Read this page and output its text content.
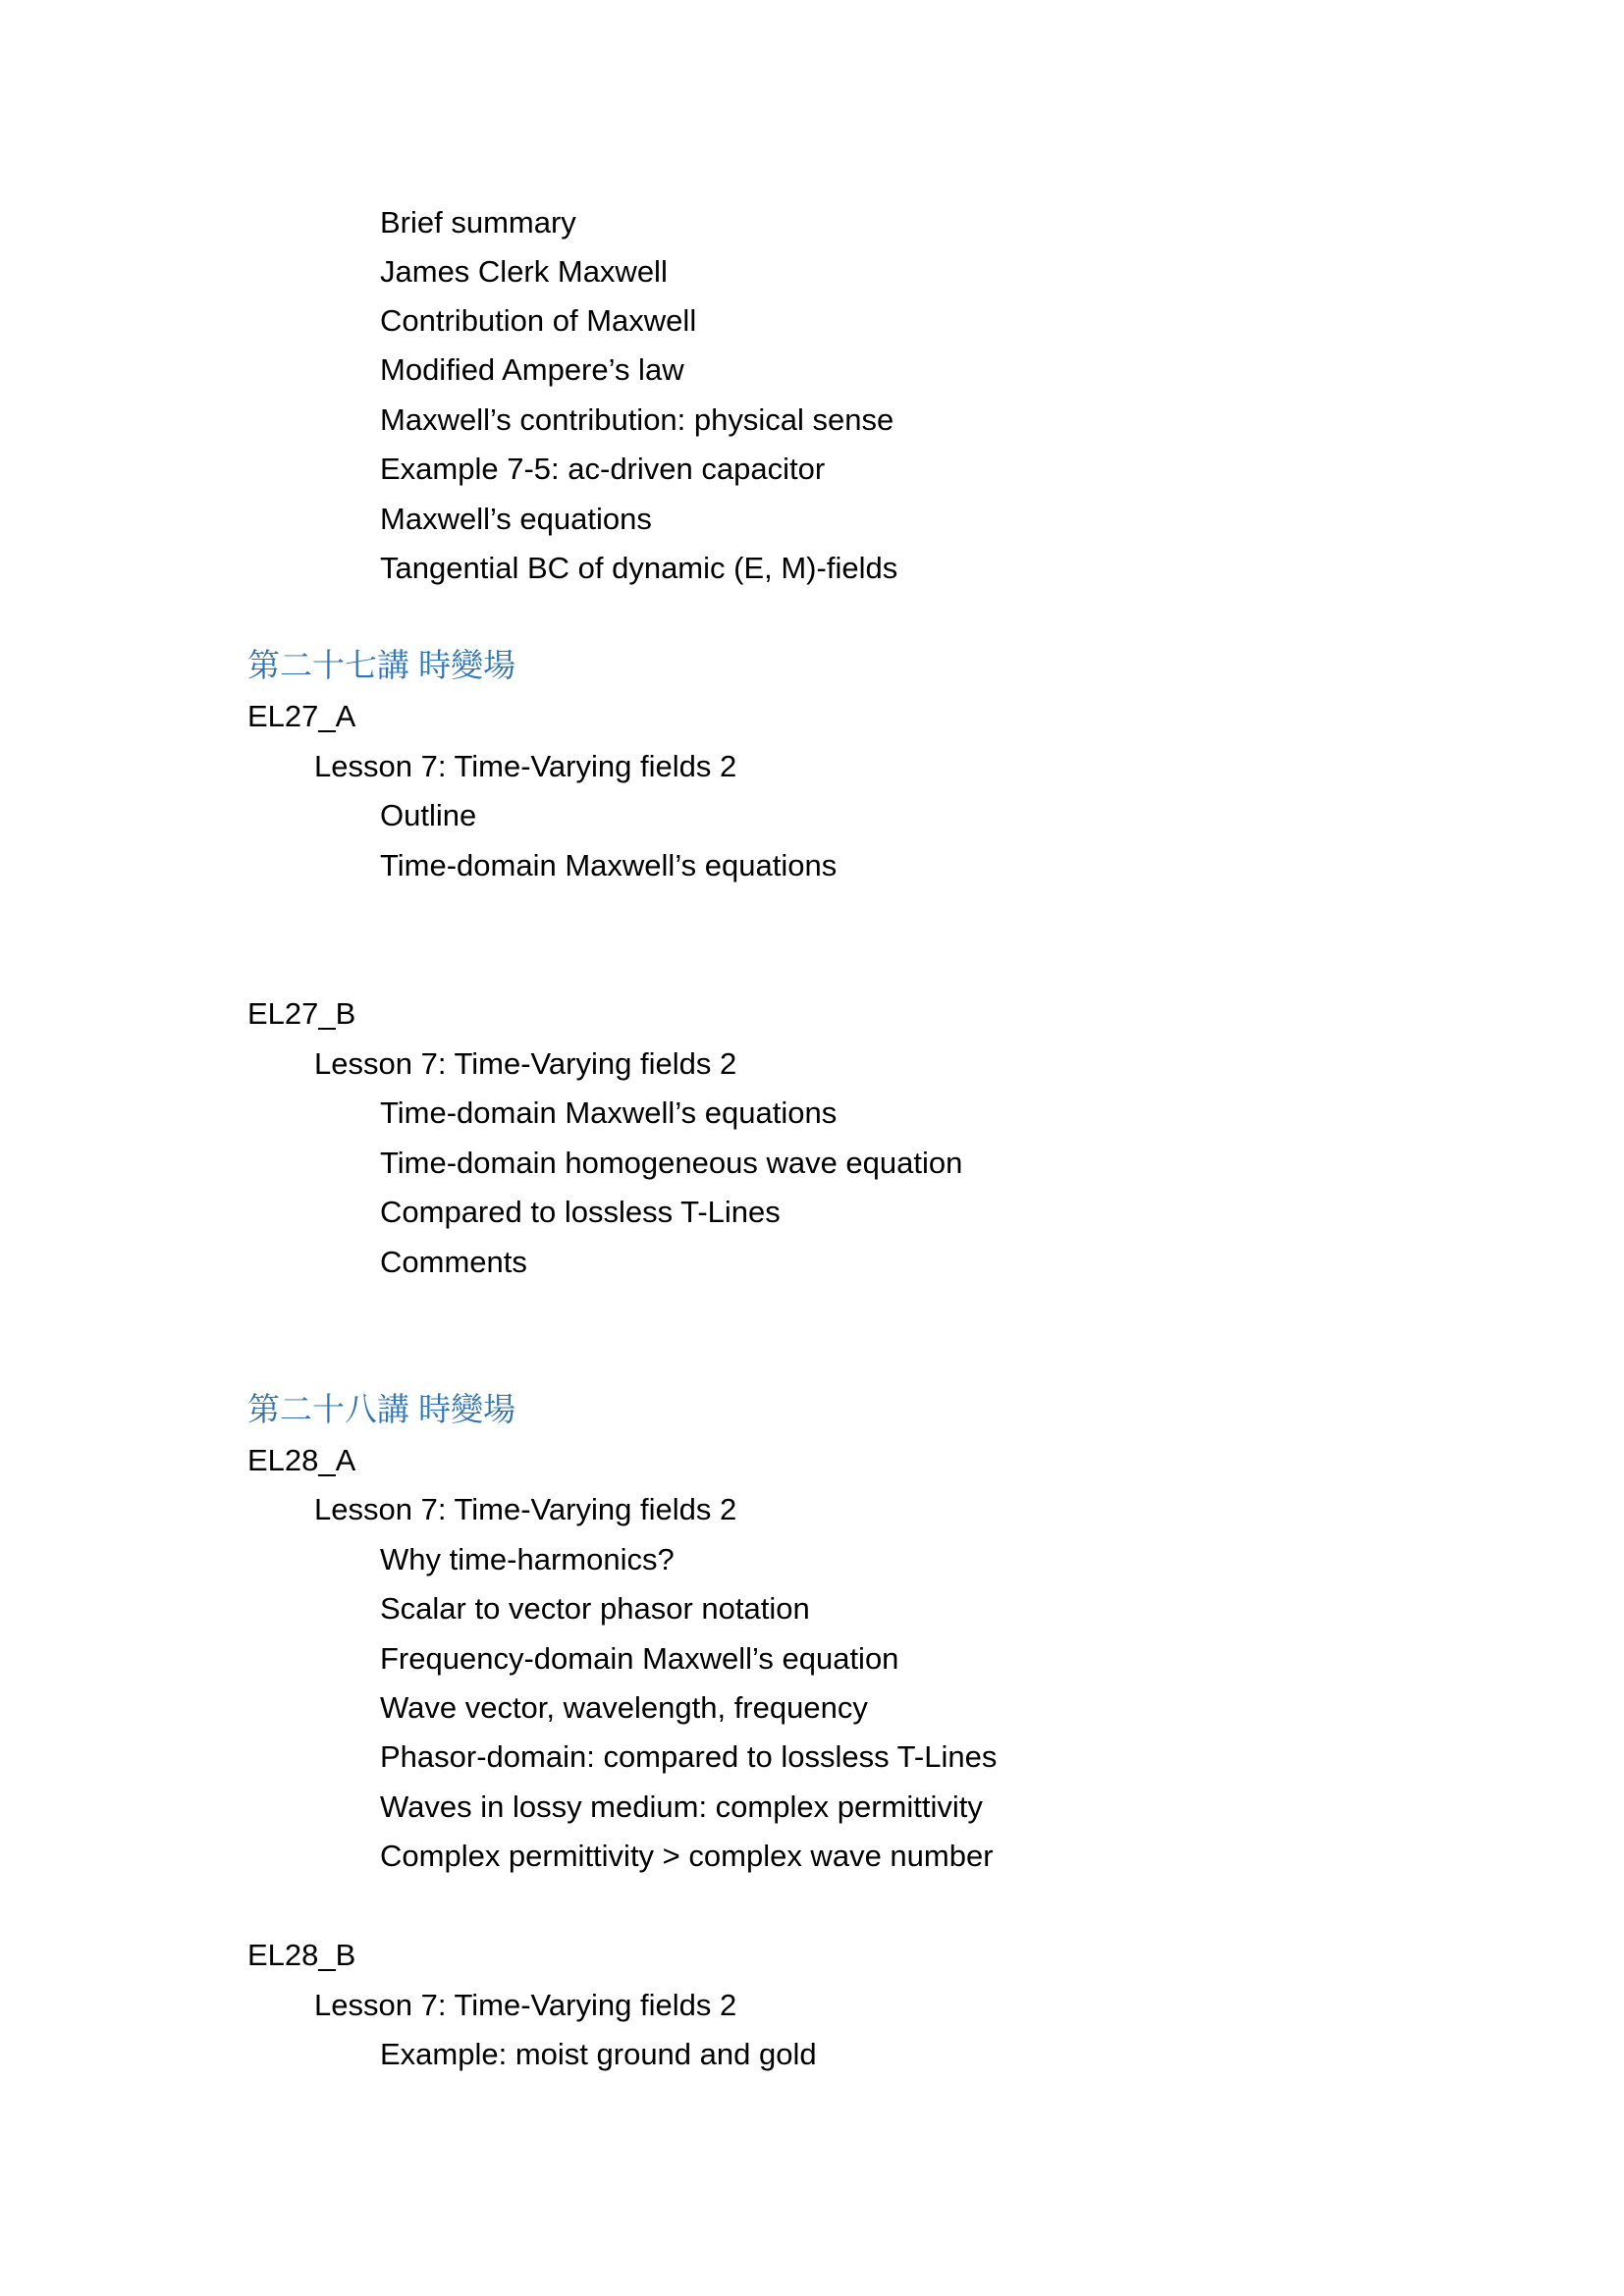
Brief summary
James Clerk Maxwell
Contribution of Maxwell
Modified Ampere’s law
Maxwell’s contribution: physical sense
Example 7-5: ac-driven capacitor
Maxwell’s equations
Tangential BC of dynamic (E, M)-fields
第二十七講 時變場
EL27_A
Lesson 7: Time-Varying fields 2
Outline
Time-domain Maxwell’s equations
EL27_B
Lesson 7: Time-Varying fields 2
Time-domain Maxwell’s equations
Time-domain homogeneous wave equation
Compared to lossless T-Lines
Comments
第二十八講 時變場
EL28_A
Lesson 7: Time-Varying fields 2
Why time-harmonics?
Scalar to vector phasor notation
Frequency-domain Maxwell’s equation
Wave vector, wavelength, frequency
Phasor-domain: compared to lossless T-Lines
Waves in lossy medium: complex permittivity
Complex permittivity > complex wave number
EL28_B
Lesson 7: Time-Varying fields 2
Example: moist ground and gold
